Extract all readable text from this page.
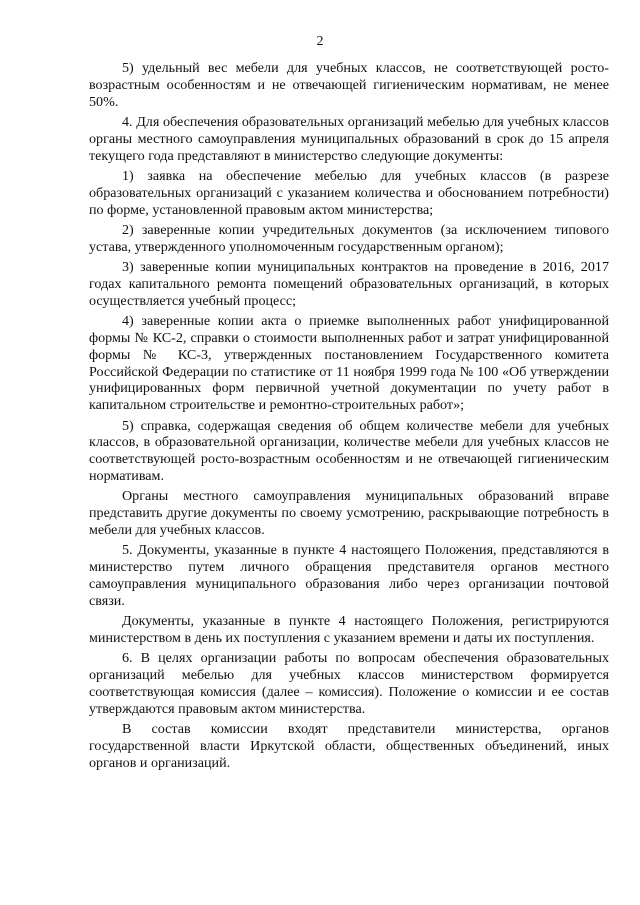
2

5) удельный вес мебели для учебных классов, не соответствующей росто-возрастным особенностям и не отвечающей гигиеническим нормативам, не менее 50%.

4. Для обеспечения образовательных организаций мебелью для учебных классов органы местного самоуправления муниципальных образований в срок до 15 апреля текущего года представляют в министерство следующие документы:

1) заявка на обеспечение мебелью для учебных классов (в разрезе образовательных организаций с указанием количества и обоснованием потребности) по форме, установленной правовым актом министерства;

2) заверенные копии учредительных документов (за исключением типового устава, утвержденного уполномоченным государственным органом);

3) заверенные копии муниципальных контрактов на проведение в 2016, 2017 годах капитального ремонта помещений образовательных организаций, в которых осуществляется учебный процесс;

4) заверенные копии акта о приемке выполненных работ унифицированной формы № КС-2, справки о стоимости выполненных работ и затрат унифицированной формы № КС-3, утвержденных постановлением Государственного комитета Российской Федерации по статистике от 11 ноября 1999 года № 100 «Об утверждении унифицированных форм первичной учетной документации по учету работ в капитальном строительстве и ремонтно-строительных работ»;

5) справка, содержащая сведения об общем количестве мебели для учебных классов, в образовательной организации, количестве мебели для учебных классов не соответствующей росто-возрастным особенностям и не отвечающей гигиеническим нормативам.

Органы местного самоуправления муниципальных образований вправе представить другие документы по своему усмотрению, раскрывающие потребность в мебели для учебных классов.

5. Документы, указанные в пункте 4 настоящего Положения, представляются в министерство путем личного обращения представителя органов местного самоуправления муниципального образования либо через организации почтовой связи.

Документы, указанные в пункте 4 настоящего Положения, регистрируются министерством в день их поступления с указанием времени и даты их поступления.

6. В целях организации работы по вопросам обеспечения образовательных организаций мебелью для учебных классов министерством формируется соответствующая комиссия (далее – комиссия). Положение о комиссии и ее состав утверждаются правовым актом министерства.

В состав комиссии входят представители министерства, органов государственной власти Иркутской области, общественных объединений, иных органов и организаций.
